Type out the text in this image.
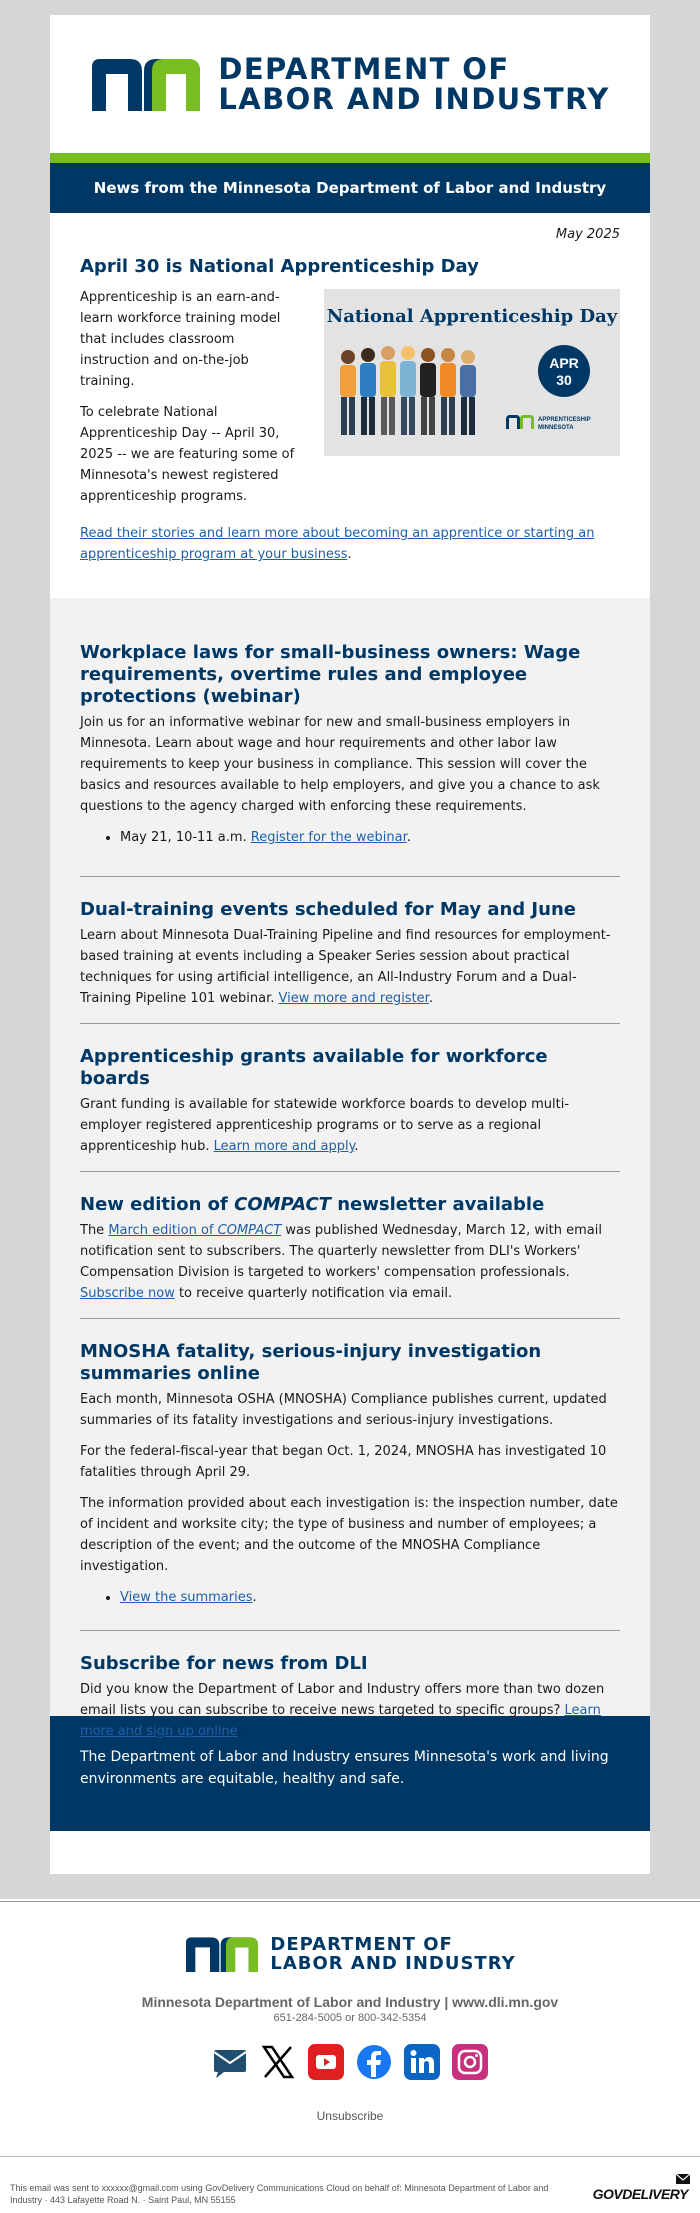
DEPARTMENT OF
LABOR AND INDUSTRY
News from the Minnesota Department of Labor and Industry
May 2025
April 30 is National Apprenticeship Day

Apprenticeship is an earn-and-learn workforce training model that includes classroom instruction and on-the-job training.

To celebrate National Apprenticeship Day -- April 30, 2025 -- we are featuring some of Minnesota's newest registered apprenticeship programs.

National Apprenticeship Day
APR
30
APPRENTICESHIP
MINNESOTA
Read their stories and learn more about becoming an apprentice or starting an apprenticeship program at your business.
Workplace laws for small-business owners: Wage requirements, overtime rules and employee protections (webinar)

Join us for an informative webinar for new and small-business employers in Minnesota. Learn about wage and hour requirements and other labor law requirements to keep your business in compliance. This session will cover the basics and resources available to help employers, and give you a chance to ask questions to the agency charged with enforcing these requirements.

• May 21, 10-11 a.m. Register for the webinar.
Dual-training events scheduled for May and June

Learn about Minnesota Dual-Training Pipeline and find resources for employment-based training at events including a Speaker Series session about practical techniques for using artificial intelligence, an All-Industry Forum and a Dual-Training Pipeline 101 webinar. View more and register.

Apprenticeship grants available for workforce boards

Grant funding is available for statewide workforce boards to develop multi-employer registered apprenticeship programs or to serve as a regional apprenticeship hub. Learn more and apply.

New edition of COMPACT newsletter available

The March edition of COMPACT was published Wednesday, March 12, with email notification sent to subscribers. The quarterly newsletter from DLI's Workers' Compensation Division is targeted to workers' compensation professionals. Subscribe now to receive quarterly notification via email.

MNOSHA fatality, serious-injury investigation summaries online

Each month, Minnesota OSHA (MNOSHA) Compliance publishes current, updated summaries of its fatality investigations and serious-injury investigations.

For the federal-fiscal-year that began Oct. 1, 2024, MNOSHA has investigated 10 fatalities through April 29.

The information provided about each investigation is: the inspection number, date of incident and worksite city; the type of business and number of employees; a description of the event; and the outcome of the MNOSHA Compliance investigation.

• View the summaries.
Subscribe for news from DLI

Did you know the Department of Labor and Industry offers more than two dozen email lists you can subscribe to receive news targeted to specific groups? Learn more and sign up online.

The Department of Labor and Industry ensures Minnesota's work and living environments are equitable, healthy and safe.
DEPARTMENT OF
LABOR AND INDUSTRY
Minnesota Department of Labor and Industry | www.dli.mn.gov
651-284-5005 or 800-342-5354
Unsubscribe
This email was sent to xxxxxx@gmail.com using GovDelivery Communications Cloud on behalf of: Minnesota Department of Labor and Industry · 443 Lafayette Road N. · Saint Paul, MN 55155	GOVDELIVERY
